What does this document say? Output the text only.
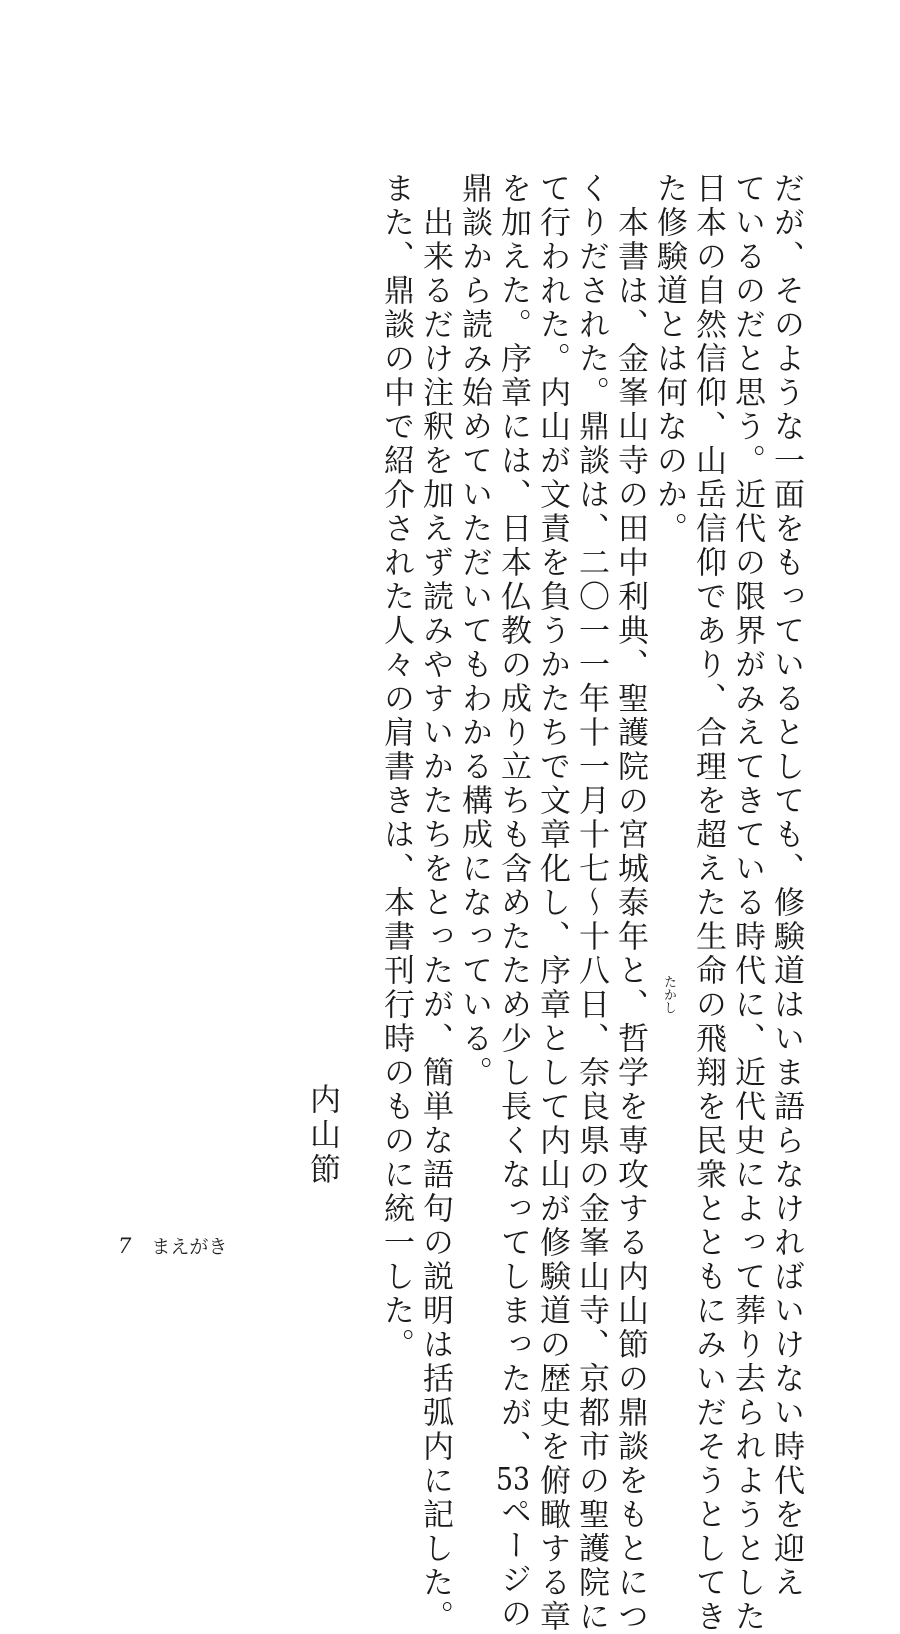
だが、そのような一面をもっているとしても、修験道はいま語らなければいけない時代を迎え
ているのだと思う。近代の限界がみえてきている時代に、近代史によって葬り去られようとした
日本の自然信仰、山岳信仰であり、合理を超えた生命の飛翔を民衆とともにみいだそうとしてき
た修験道とは何なのか。
本書は、金峯山寺の田中利典、聖護院の宮城泰年と、哲学を専攻する内山節の鼎談をもとにつ
くりだされた。鼎談は、二〇一一年十一月十七～十八日、奈良県の金峯山寺、京都市の聖護院に
て行われた。内山が文責を負うかたちで文章化し、序章として内山が修験道の歴史を俯瞰する章
を加えた。序章には、日本仏教の成り立ちも含めたため少し長くなってしまったが、53ページの
鼎談から読み始めていただいてもわかる構成になっている。
出来るだけ注釈を加えず読みやすいかたちをとったが、簡単な語句の説明は括弧内に記した。
また、鼎談の中で紹介された人々の肩書きは、本書刊行時のものに統一した。	たかし
内山節
7 まえがき
